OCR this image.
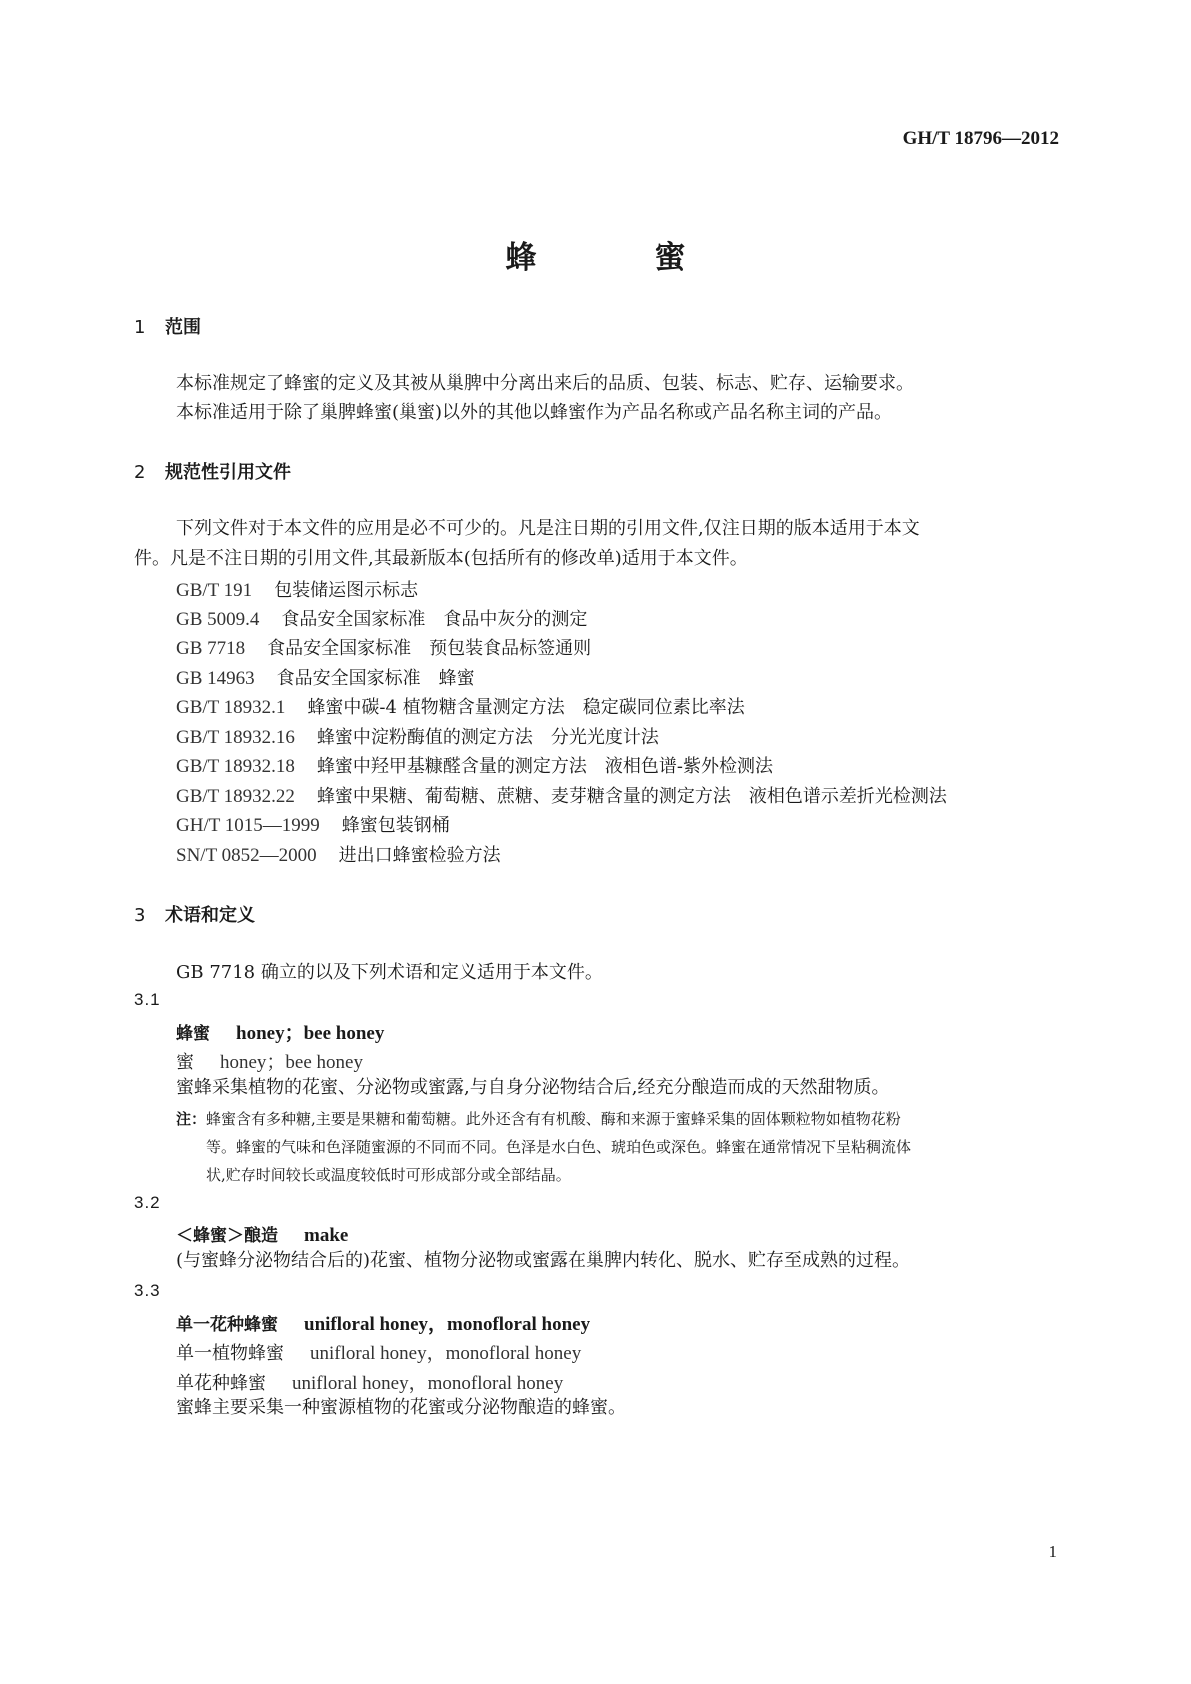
GH/T 18796—2012
蜂蜜
1 范围
本标准规定了蜂蜜的定义及其被从巢脾中分离出来后的品质、包装、标志、贮存、运输要求。
本标准适用于除了巢脾蜂蜜(巢蜜)以外的其他以蜂蜜作为产品名称或产品名称主词的产品。
2 规范性引用文件
下列文件对于本文件的应用是必不可少的。凡是注日期的引用文件,仅注日期的版本适用于本文
件。凡是不注日期的引用文件,其最新版本(包括所有的修改单)适用于本文件。
GB/T 191 包装储运图示标志
GB 5009.4 食品安全国家标准　食品中灰分的测定
GB 7718 食品安全国家标准　预包装食品标签通则
GB 14963 食品安全国家标准　蜂蜜
GB/T 18932.1 蜂蜜中碳-4 植物糖含量测定方法　稳定碳同位素比率法
GB/T 18932.16 蜂蜜中淀粉酶值的测定方法　分光光度计法
GB/T 18932.18 蜂蜜中羟甲基糠醛含量的测定方法　液相色谱-紫外检测法
GB/T 18932.22 蜂蜜中果糖、葡萄糖、蔗糖、麦芽糖含量的测定方法　液相色谱示差折光检测法
GH/T 1015—1999 蜂蜜包装钢桶
SN/T 0852—2000 进出口蜂蜜检验方法
3 术语和定义
GB 7718 确立的以及下列术语和定义适用于本文件。
3.1
蜂蜜 honey；bee honey
蜜 honey；bee honey
蜜蜂采集植物的花蜜、分泌物或蜜露,与自身分泌物结合后,经充分酿造而成的天然甜物质。
注：蜂蜜含有多种糖,主要是果糖和葡萄糖。此外还含有有机酸、酶和来源于蜜蜂采集的固体颗粒物如植物花粉
等。蜂蜜的气味和色泽随蜜源的不同而不同。色泽是水白色、琥珀色或深色。蜂蜜在通常情况下呈粘稠流体
状,贮存时间较长或温度较低时可形成部分或全部结晶。
3.2
＜蜂蜜＞酿造 make
(与蜜蜂分泌物结合后的)花蜜、植物分泌物或蜜露在巢脾内转化、脱水、贮存至成熟的过程。
3.3
单一花种蜂蜜 unifloral honey，monofloral honey
单一植物蜂蜜 unifloral honey，monofloral honey
单花种蜂蜜 unifloral honey，monofloral honey
蜜蜂主要采集一种蜜源植物的花蜜或分泌物酿造的蜂蜜。
1
